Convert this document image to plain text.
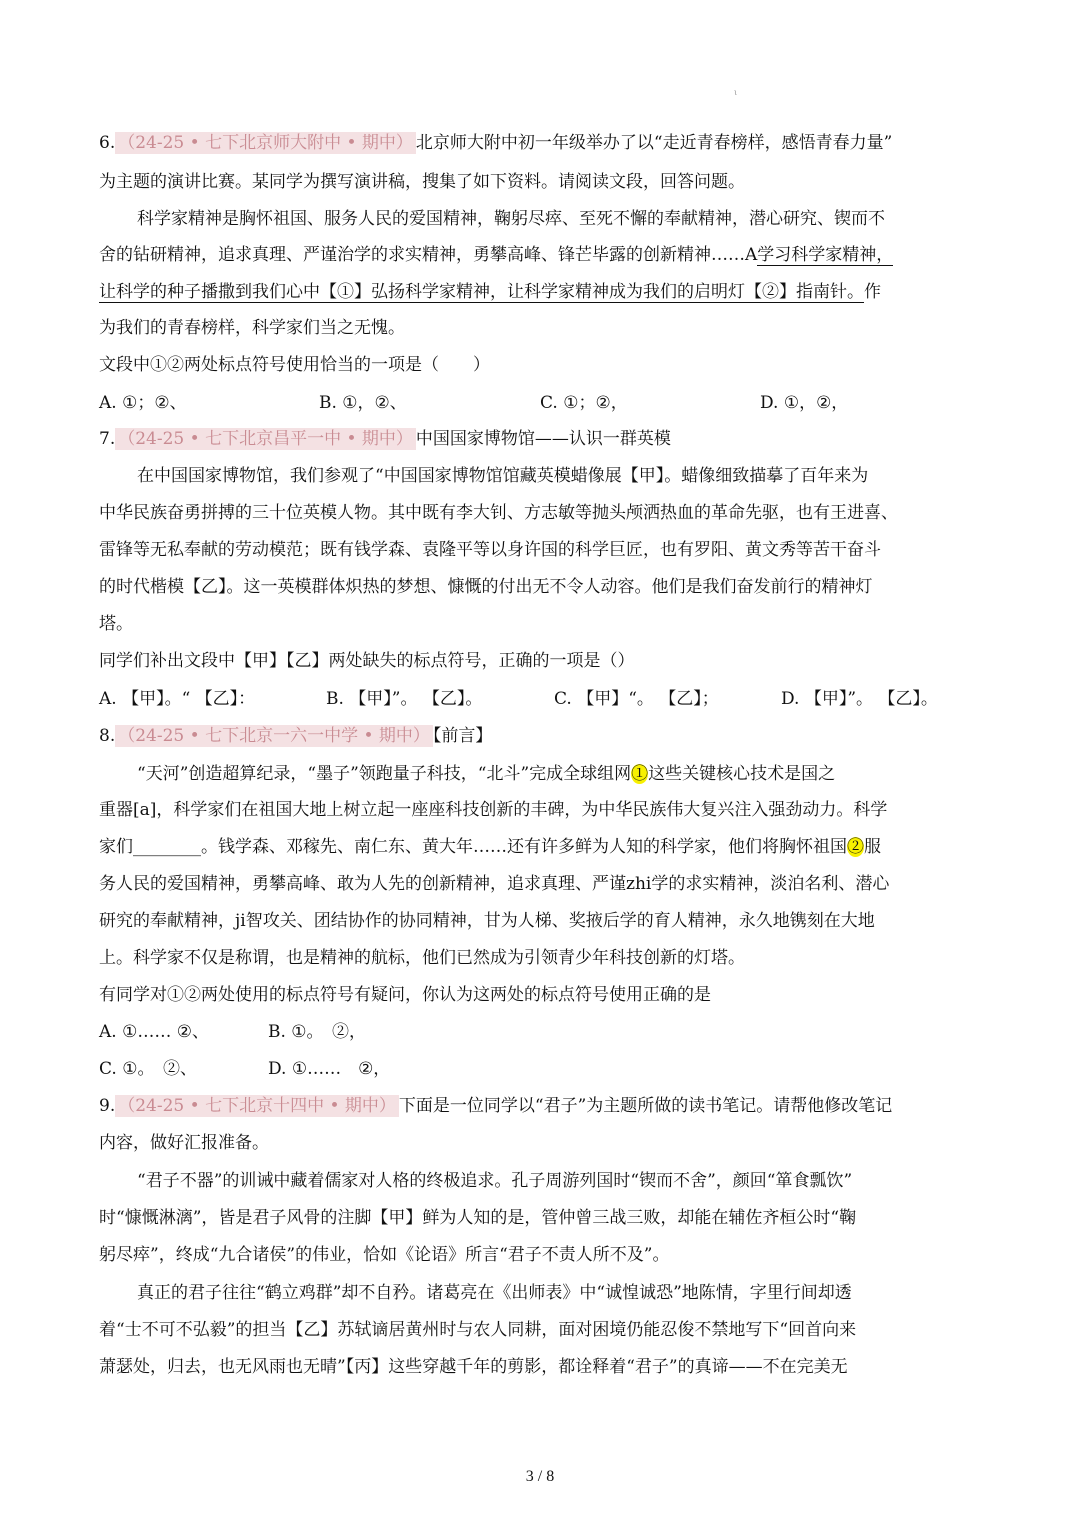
ι
6. （24-25 • 七下北京师大附中 • 期中） 北京师大附中初一年级举办了以“走近青春榜样，感悟青春力量”
为主题的演讲比赛。某同学为撰写演讲稿，搜集了如下资料。请阅读文段，回答问题。
科学家精神是胸怀祖国、服务人民的爱国精神，鞠躬尽瘁、至死不懈的奉献精神，潜心研究、锲而不
舍的钻研精神，追求真理、严谨治学的求实精神，勇攀高峰、锋芒毕露的创新精神……A学习科学家精神，
让科学的种子播撒到我们心中【①】弘扬科学家精神，让科学家精神成为我们的启明灯【②】指南针。作
为我们的青春榜样，科学家们当之无愧。
文段中①②两处标点符号使用恰当的一项是（　　）
A. ①；②、	B. ①，②、	C. ①；②，	D. ①，②，
7. （24-25 • 七下北京昌平一中 • 期中） 中国国家博物馆——认识一群英模
在中国国家博物馆，我们参观了“中国国家博物馆馆藏英模蜡像展【甲】。蜡像细致描摹了百年来为
中华民族奋勇拼搏的三十位英模人物。其中既有李大钊、方志敏等抛头颅洒热血的革命先驱，也有王进喜、
雷锋等无私奉献的劳动模范；既有钱学森、袁隆平等以身许国的科学巨匠，也有罗阳、黄文秀等苦干奋斗
的时代楷模【乙】。这一英模群体炽热的梦想、慷慨的付出无不令人动容。他们是我们奋发前行的精神灯
塔。
同学们补出文段中【甲】【乙】两处缺失的标点符号，正确的一项是（）
A. 【甲】。“ 【乙】：	B. 【甲】”。 【乙】。	C. 【甲】“。 【乙】；	D. 【甲】”。 【乙】。
8. （24-25 • 七下北京一六一中学 • 期中） 【前言】
“天河”创造超算纪录，“墨子”领跑量子科技，“北斗”完成全球组网①这些关键核心技术是国之
重器[a]，科学家们在祖国大地上树立起一座座科技创新的丰碑，为中华民族伟大复兴注入强劲动力。科学
家们________。钱学森、邓稼先、南仁东、黄大年……还有许多鲜为人知的科学家，他们将胸怀祖国②服
务人民的爱国精神，勇攀高峰、敢为人先的创新精神，追求真理、严谨zhi学的求实精神，淡泊名利、潜心
研究的奉献精神，ji智攻关、团结协作的协同精神，甘为人梯、奖掖后学的育人精神，永久地镌刻在大地
上。科学家不仅是称谓，也是精神的航标，他们已然成为引领青少年科技创新的灯塔。
有同学对①②两处使用的标点符号有疑问，你认为这两处的标点符号使用正确的是
A. ①…… ②、	B. ①。　②，
C. ①。　②、	D. ①……　②，
9. （24-25 • 七下北京十四中 • 期中） 下面是一位同学以“君子”为主题所做的读书笔记。请帮他修改笔记
内容，做好汇报准备。
“君子不器”的训诫中藏着儒家对人格的终极追求。孔子周游列国时“锲而不舍”，颜回“箪食瓢饮”
时“慷慨淋漓”，皆是君子风骨的注脚【甲】鲜为人知的是，管仲曾三战三败，却能在辅佐齐桓公时“鞠
躬尽瘁”，终成“九合诸侯”的伟业，恰如《论语》所言“君子不责人所不及”。
真正的君子往往“鹤立鸡群”却不自矜。诸葛亮在《出师表》中“诚惶诚恐”地陈情，字里行间却透
着“士不可不弘毅”的担当【乙】苏轼谪居黄州时与农人同耕，面对困境仍能忍俊不禁地写下“回首向来
萧瑟处，归去，也无风雨也无晴”【丙】这些穿越千年的剪影，都诠释着“君子”的真谛——不在完美无
3 / 8
